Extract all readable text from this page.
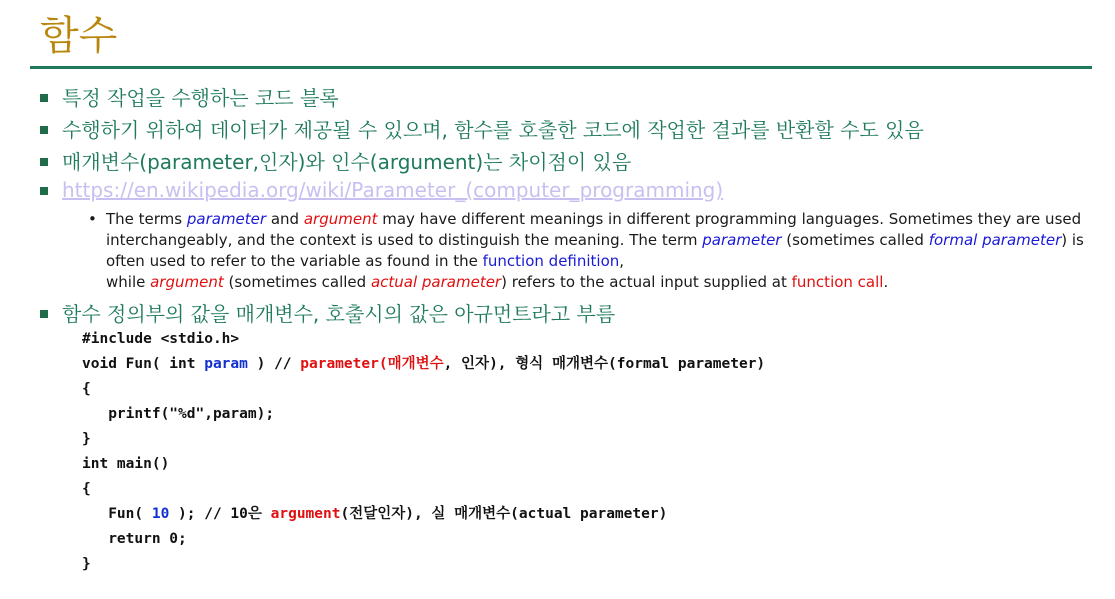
함수
특정 작업을 수행하는 코드 블록
수행하기 위하여 데이터가 제공될 수 있으며, 함수를 호출한 코드에 작업한 결과를 반환할 수도 있음
매개변수(parameter,인자)와 인수(argument)는 차이점이 있음
https://en.wikipedia.org/wiki/Parameter_(computer_programming)
• The terms parameter and argument may have different meanings in different programming languages. Sometimes they are used interchangeably, and the context is used to distinguish the meaning. The term parameter (sometimes called formal parameter) is often used to refer to the variable as found in the function definition,
while argument (sometimes called actual parameter) refers to the actual input supplied at function call.
함수 정의부의 값을 매개변수, 호출시의 값은 아규먼트라고 부름
#include <stdio.h>
void Fun( int param ) // parameter(매개변수, 인자), 형식 매개변수(formal parameter)
{
printf("%d",param);
}
int main()
{
Fun( 10 ); // 10은 argument(전달인자), 실 매개변수(actual parameter)
return 0;
}
